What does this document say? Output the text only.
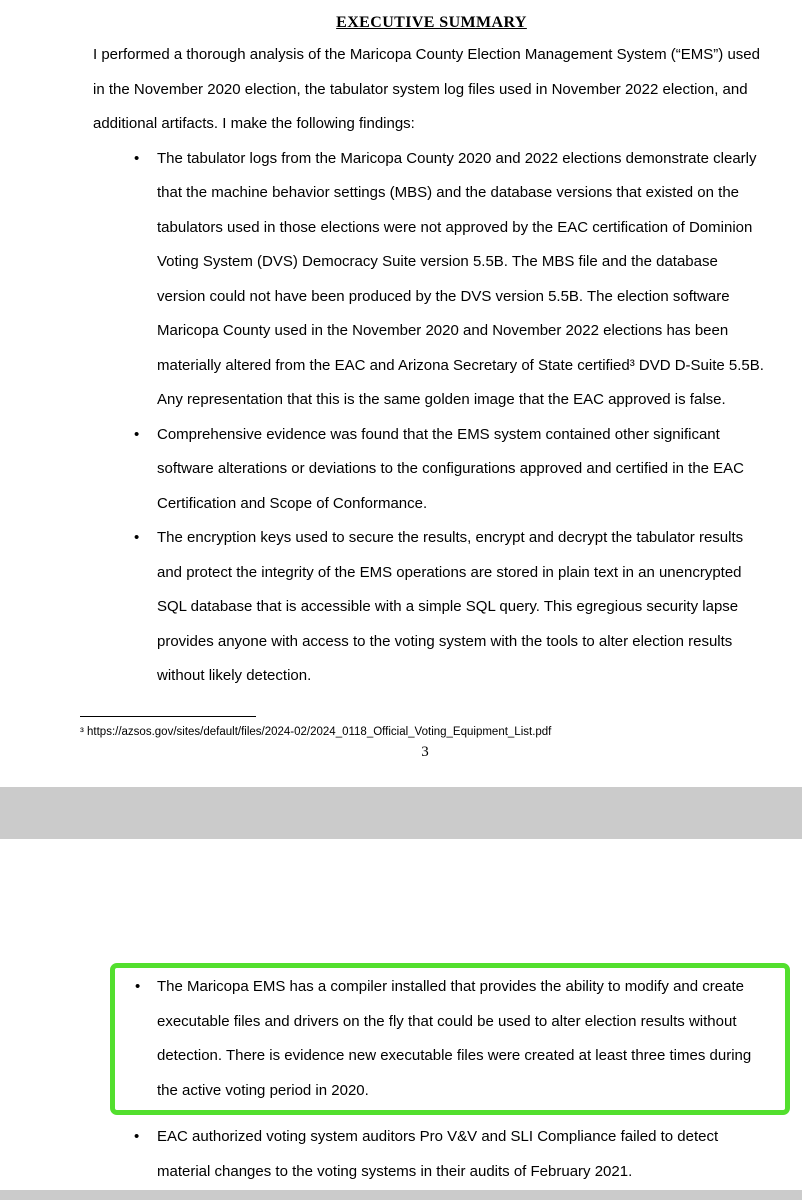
EXECUTIVE SUMMARY

I performed a thorough analysis of the Maricopa County Election Management System (“EMS”) used in the November 2020 election, the tabulator system log files used in November 2022 election, and additional artifacts. I make the following findings:

• The tabulator logs from the Maricopa County 2020 and 2022 elections demonstrate clearly that the machine behavior settings (MBS) and the database versions that existed on the tabulators used in those elections were not approved by the EAC certification of Dominion Voting System (DVS) Democracy Suite version 5.5B. The MBS file and the database version could not have been produced by the DVS version 5.5B. The election software Maricopa County used in the November 2020 and November 2022 elections has been materially altered from the EAC and Arizona Secretary of State certified³ DVD D-Suite 5.5B. Any representation that this is the same golden image that the EAC approved is false.
• Comprehensive evidence was found that the EMS system contained other significant software alterations or deviations to the configurations approved and certified in the EAC Certification and Scope of Conformance.
• The encryption keys used to secure the results, encrypt and decrypt the tabulator results and protect the integrity of the EMS operations are stored in plain text in an unencrypted SQL database that is accessible with a simple SQL query. This egregious security lapse provides anyone with access to the voting system with the tools to alter election results without likely detection.
³ https://azsos.gov/sites/default/files/2024-02/2024_0118_Official_Voting_Equipment_List.pdf
3
• The Maricopa EMS has a compiler installed that provides the ability to modify and create executable files and drivers on the fly that could be used to alter election results without detection. There is evidence new executable files were created at least three times during the active voting period in 2020.
• EAC authorized voting system auditors Pro V&V and SLI Compliance failed to detect material changes to the voting systems in their audits of February 2021.
